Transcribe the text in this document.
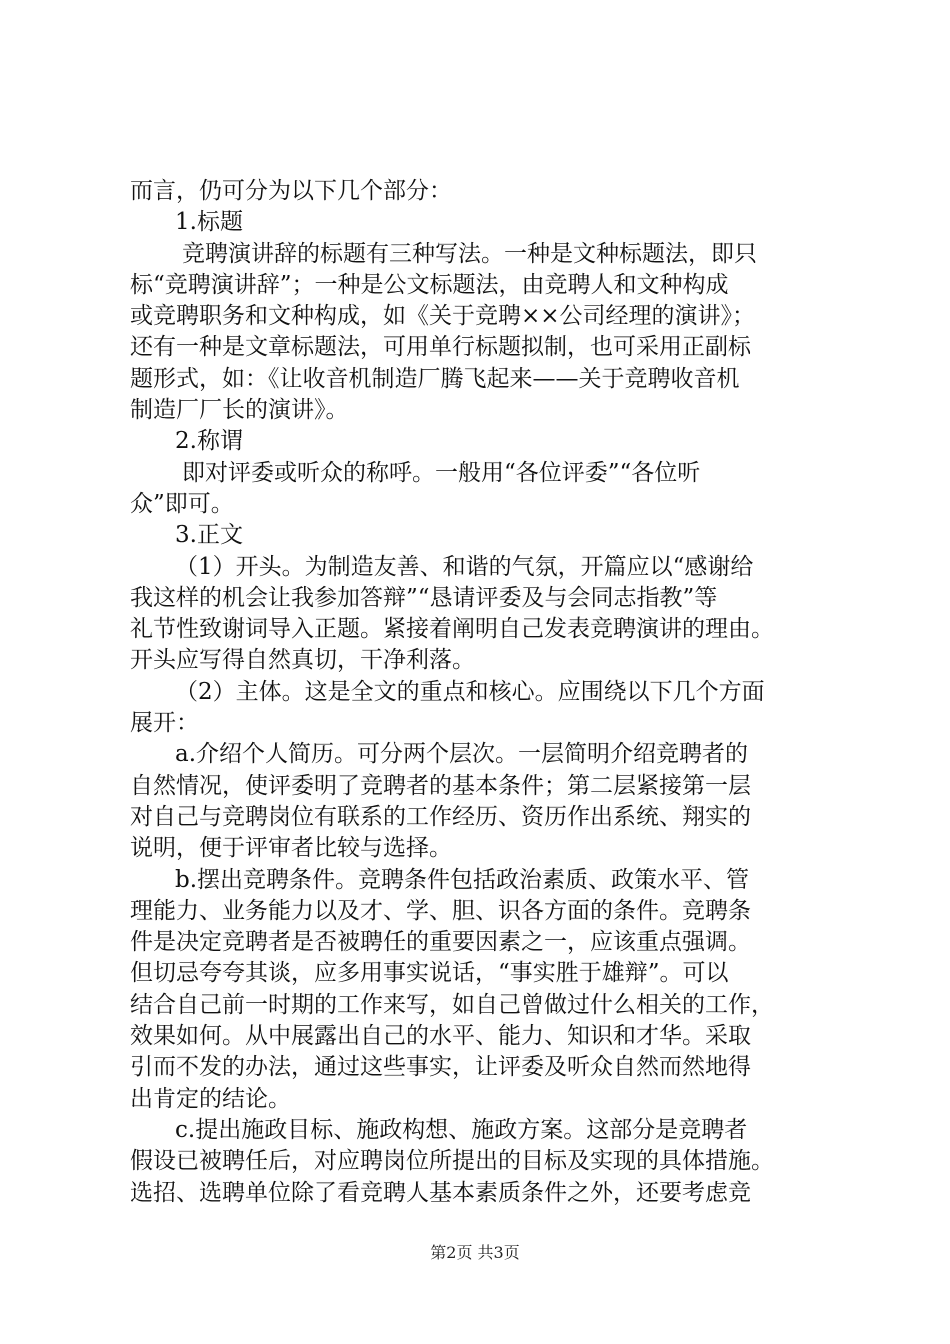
而言，仍可分为以下几个部分：
1.标题
竞聘演讲辞的标题有三种写法。一种是文种标题法，即只
标“竞聘演讲辞”；一种是公文标题法，由竞聘人和文种构成
或竞聘职务和文种构成，如《关于竞聘××公司经理的演讲》；
还有一种是文章标题法，可用单行标题拟制，也可采用正副标
题形式，如：《让收音机制造厂腾飞起来——关于竞聘收音机
制造厂厂长的演讲》。
2.称谓
即对评委或听众的称呼。一般用“各位评委”“各位听
众”即可。
3.正文
（1）开头。为制造友善、和谐的气氛，开篇应以“感谢给
我这样的机会让我参加答辩”“恳请评委及与会同志指教”等
礼节性致谢词导入正题。紧接着阐明自己发表竞聘演讲的理由。
开头应写得自然真切，干净利落。
（2）主体。这是全文的重点和核心。应围绕以下几个方面
展开：
a.介绍个人简历。可分两个层次。一层简明介绍竞聘者的
自然情况，使评委明了竞聘者的基本条件；第二层紧接第一层
对自己与竞聘岗位有联系的工作经历、资历作出系统、翔实的
说明，便于评审者比较与选择。
b.摆出竞聘条件。竞聘条件包括政治素质、政策水平、管
理能力、业务能力以及才、学、胆、识各方面的条件。竞聘条
件是决定竞聘者是否被聘任的重要因素之一，应该重点强调。
但切忌夸夸其谈，应多用事实说话，“事实胜于雄辩”。可以
结合自己前一时期的工作来写，如自己曾做过什么相关的工作，
效果如何。从中展露出自己的水平、能力、知识和才华。采取
引而不发的办法，通过这些事实，让评委及听众自然而然地得
出肯定的结论。
c.提出施政目标、施政构想、施政方案。这部分是竞聘者
假设已被聘任后，对应聘岗位所提出的目标及实现的具体措施。
选招、选聘单位除了看竞聘人基本素质条件之外，还要考虑竞
第2页 共3页
